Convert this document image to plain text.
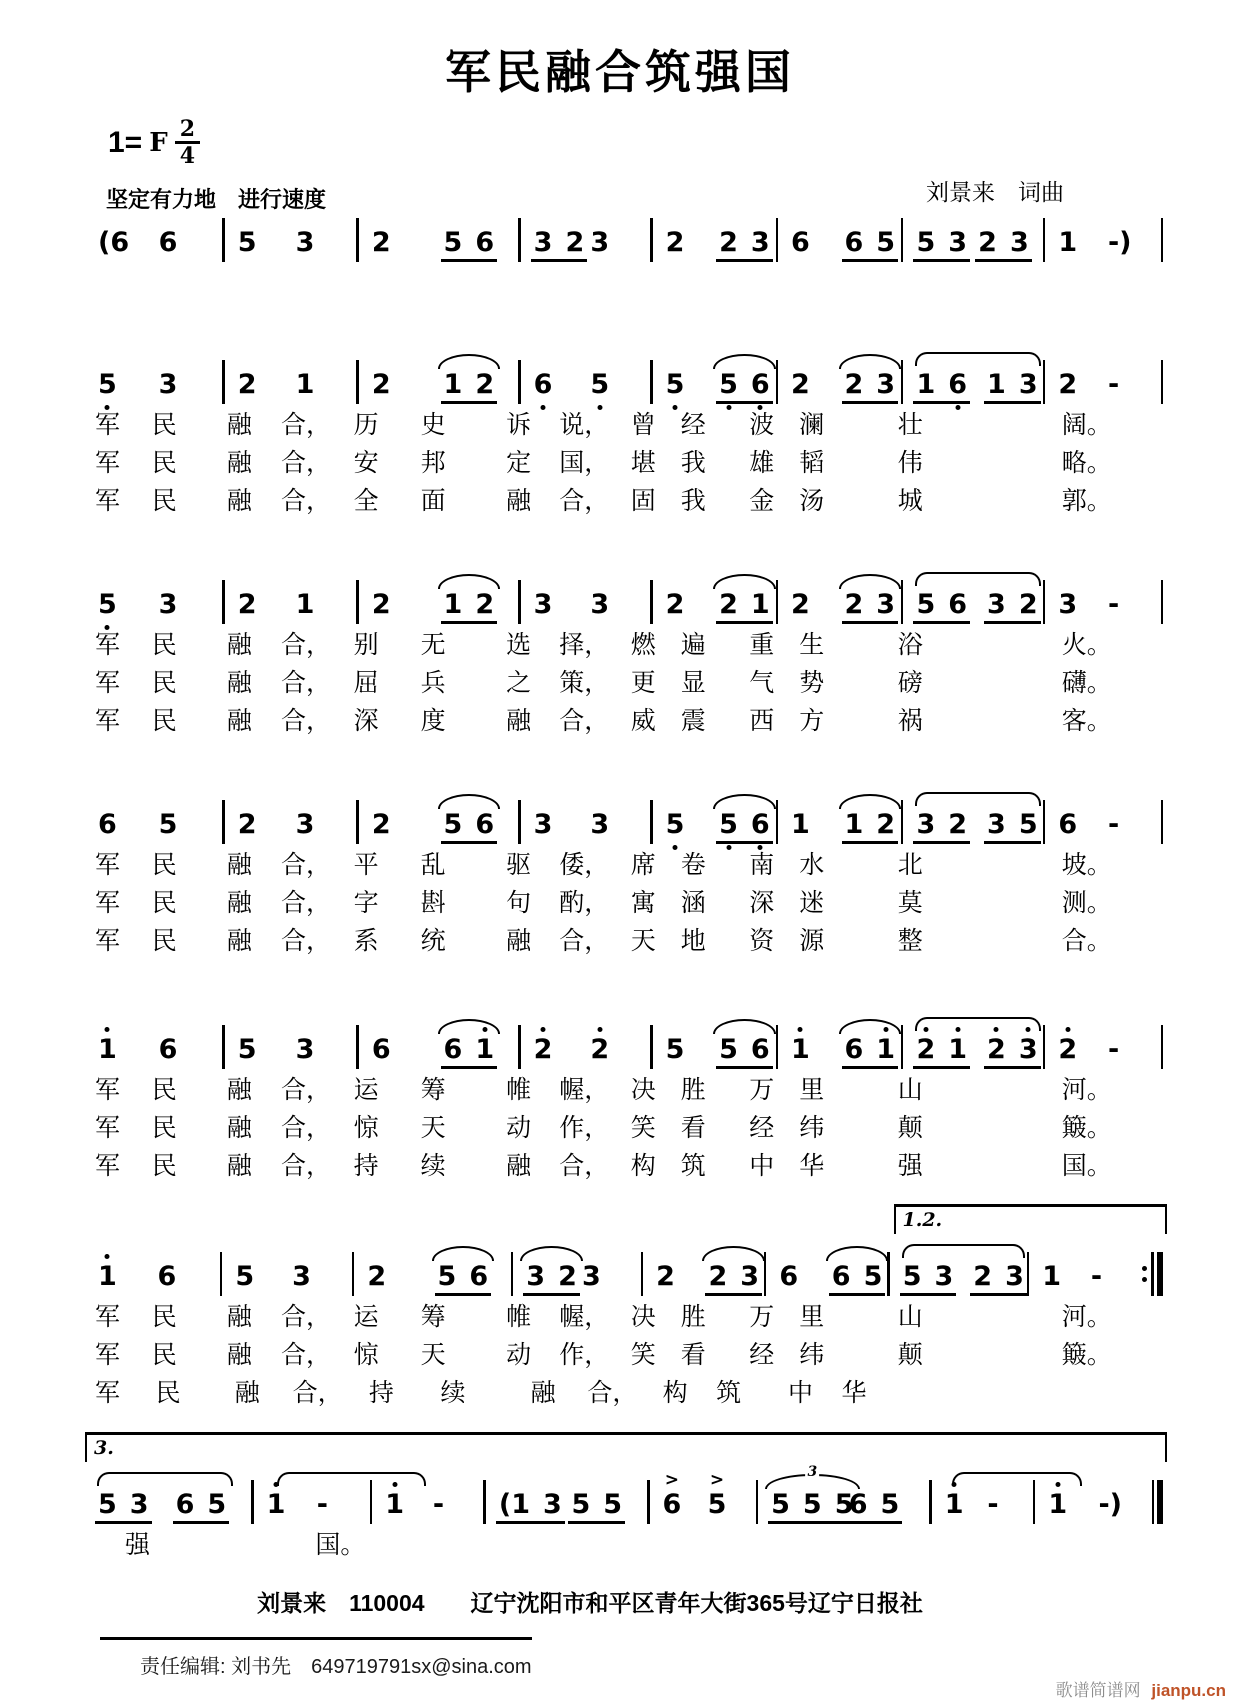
军民融合筑强国
1= F $\frac{2}{4}$
坚定有力地　进行速度	刘景来　词曲
(6 6 5 3 2 5 6 3 2 3 2 2 3 6 6 5 5 3 2 3 1 -)
5 3 2 1 2 1 2 6 5 5 5 6 2 2 3 1 6 1 3 2 -
军	民	融	合， 历	史	诉	说， 曾 经	波 澜	壮	阔。
军	民	融	合， 安	邦	定	国， 堪 我	雄 韬	伟	略。
军	民	融	合， 全	面	融	合， 固 我	金 汤	城	郭。
5 3 2 1 2 1 2 3 3 2 2 1 2 2 3 5 6 3 2 3 -
军	民	融	合， 别	无	选	择， 燃 遍	重 生	浴	火。
军	民	融	合， 屈	兵	之	策， 更 显	气 势	磅	礴。
军	民	融	合， 深	度	融	合， 威 震	西 方	祸	客。
6 5 2 3 2 5 6 3 3 5 5 6 1 1 2 3 2 3 5 6 -
军	民	融	合， 平	乱	驱	倭， 席 卷	南 水	北	坡。
军	民	融	合， 字	斟	句	酌， 寓 涵	深 迷	莫	测。
军	民	融	合， 系	统	融	合， 天 地	资 源	整	合。
1 6 5 3 6 6 1 2 2 5 5 6 1 6 1 2 1 2 3 2 -
军	民	融	合， 运	筹	帷	幄， 决 胜	万 里	山	河。
军	民	融	合， 惊	天	动	作， 笑 看	经 纬	颠	簸。
军	民	融	合， 持	续	融	合， 构 筑	中 华	强	国。
1.2.
1 6 5 3 2 5 6 3 2 3 2 2 3 6 6 5 5 3 2 3 1 -
军	民	融	合， 运	筹	帷	幄， 决 胜	万 里	山	河。
军	民	融	合， 惊	天	动	作， 笑 看	经 纬	颠	簸。
军	民	融	合，	持	续	融	合， 构	筑	中	华
3.
5 3 6 5 1 - 1 - (1 3 5 5 > 6 > 5 5 5 5
3
6 5 1 - 1 -)
强	国。
刘景来　110004　　辽宁沈阳市和平区青年大街365号辽宁日报社
责任编辑: 刘书先　649719791sx@sina.com
歌谱简谱网 jianpu.cn
